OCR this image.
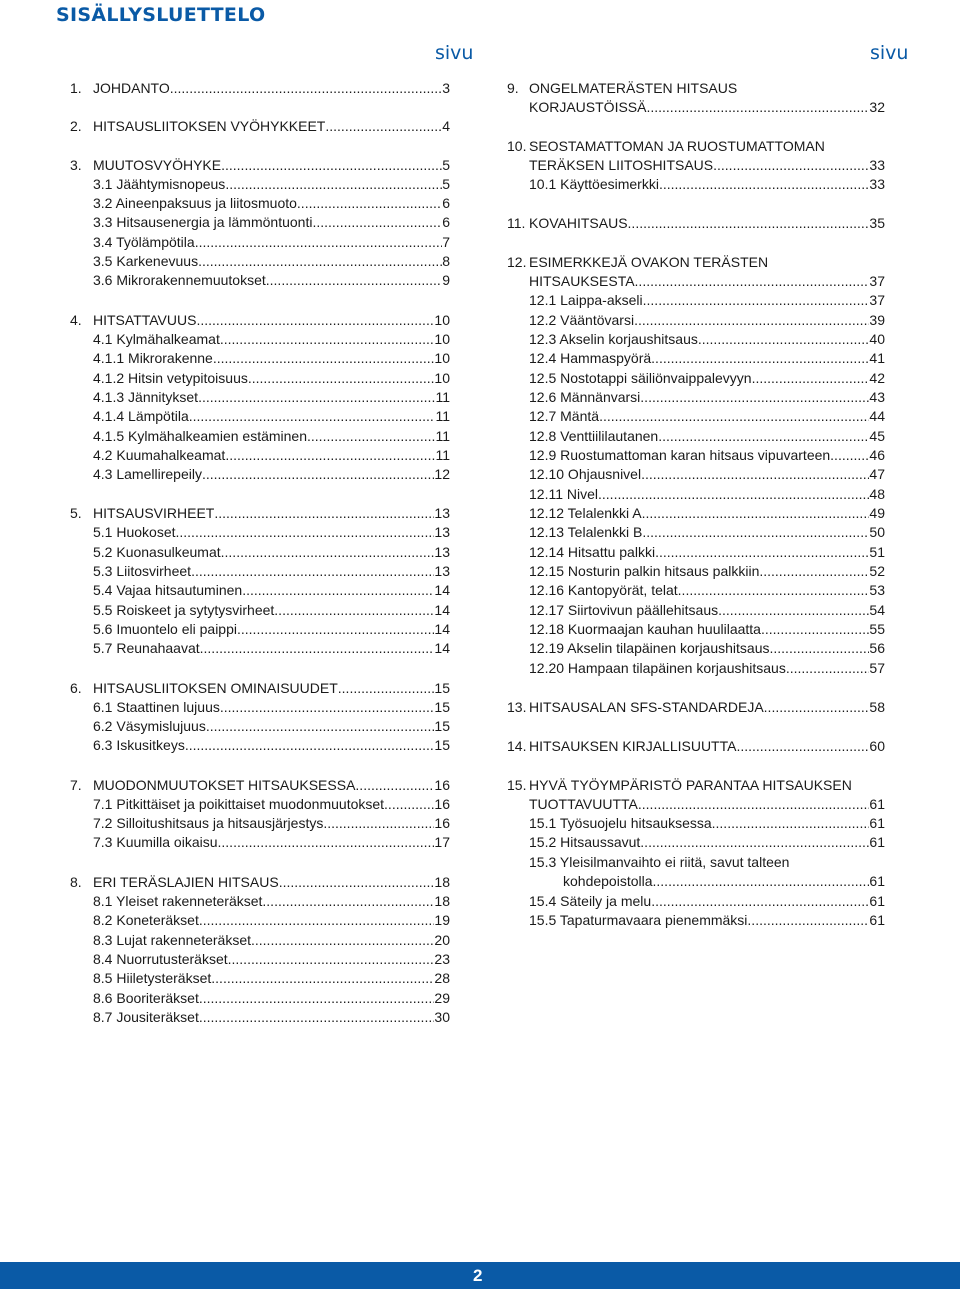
SISÄLLYSLUETTELO
sivu	sivu
1. JOHDANTO .....	3
2. HITSAUSLIITOKSEN VYÖHYKKEET .....	4
3. MUUTOSVYÖHYKE .....	5
3.1 Jäähtymisnopeus .....	5
3.2 Aineenpaksuus ja liitosmuoto .....	6
3.3 Hitsausenergia ja lämmöntuonti .....	6
3.4 Työlämpötila .....	7
3.5 Karkenevuus .....	8
3.6 Mikrorakennemuutokset .....	9
4. HITSATTAVUUS .....	10
4.1 Kylmähalkeamat .....	10
4.1.1 Mikrorakenne .....	10
4.1.2 Hitsin vetypitoisuus .....	10
4.1.3 Jännitykset .....	11
4.1.4 Lämpötila .....	11
4.1.5 Kylmähalkeamien estäminen .....	11
4.2 Kuumahalkeamat .....	11
4.3 Lamellirepeily .....	12
5. HITSAUSVIRHEET .....	13
5.1 Huokoset .....	13
5.2 Kuonasulkeumat .....	13
5.3 Liitosvirheet .....	13
5.4 Vajaa hitsautuminen .....	14
5.5 Roiskeet ja sytytysvirheet .....	14
5.6 Imuontelo eli paippi .....	14
5.7 Reunahaavat .....	14
6. HITSAUSLIITOKSEN OMINAISUUDET .....	15
6.1 Staattinen lujuus .....	15
6.2 Väsymislujuus .....	15
6.3 Iskusitkeys .....	15
7. MUODONMUUTOKSET HITSAUKSESSA .....	16
7.1 Pitkittäiset ja poikittaiset muodonmuutokset .....	16
7.2 Silloitushitsaus ja hitsausjärjestys .....	16
7.3 Kuumilla oikaisu .....	17
8. ERI TERÄSLAJIEN HITSAUS .....	18
8.1 Yleiset rakenneteräkset .....	18
8.2 Koneteräkset .....	19
8.3 Lujat rakenneteräkset .....	20
8.4 Nuorrutusteräkset .....	23
8.5 Hiiletysteräkset .....	28
8.6 Booriteräkset .....	29
8.7 Jousiteräkset .....	30
9. ONGELMATERÄSTEN HITSAUS
KORJAUSTÖISSÄ .....	32
10. SEOSTAMATTOMAN JA RUOSTUMATTOMAN
TERÄKSEN LIITOSHITSAUS .....	33
10.1 Käyttöesimerkki .....	33
11. KOVAHITSAUS .....	35
12. ESIMERKKEJÄ OVAKON TERÄSTEN
HITSAUKSESTA .....	37
12.1 Laippa-akseli .....	37
12.2 Vääntövarsi .....	39
12.3 Akselin korjaushitsaus .....	40
12.4 Hammaspyörä .....	41
12.5 Nostotappi säiliönvaippalevyyn .....	42
12.6 Männänvarsi .....	43
12.7 Mäntä .....	44
12.8 Venttiililautanen .....	45
12.9 Ruostumattoman karan hitsaus vipuvarteen .....	46
12.10 Ohjausnivel .....	47
12.11 Nivel .....	48
12.12 Telalenkki A .....	49
12.13 Telalenkki B .....	50
12.14 Hitsattu palkki .....	51
12.15 Nosturin palkin hitsaus palkkiin .....	52
12.16 Kantopyörät, telat .....	53
12.17 Siirtovivun päällehitsaus .....	54
12.18 Kuormaajan kauhan huulilaatta .....	55
12.19 Akselin tilapäinen korjaushitsaus .....	56
12.20 Hampaan tilapäinen korjaushitsaus .....	57
13. HITSAUSALAN SFS-STANDARDEJA .....	58
14. HITSAUKSEN KIRJALLISUUTTA .....	60
15. HYVÄ TYÖYMPÄRISTÖ PARANTAA HITSAUKSEN
TUOTTAVUUTTA .....	61
15.1 Työsuojelu hitsauksessa .....	61
15.2 Hitsaussavut .....	61
15.3 Yleisilmanvaihto ei riitä, savut talteen
kohdepoistolla .....	61
15.4 Säteily ja melu .....	61
15.5 Tapaturmavaara pienemmäksi .....	61
2
